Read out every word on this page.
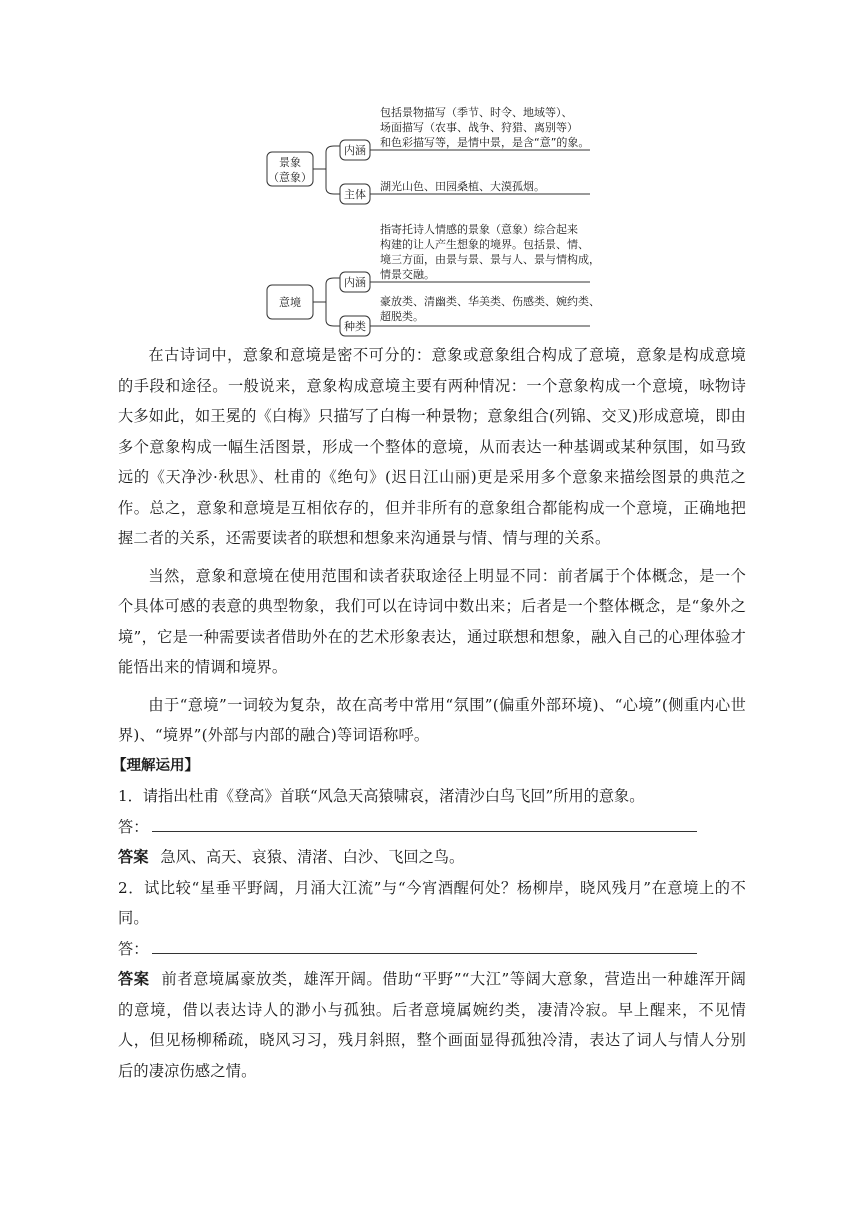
景象
（意象）
内涵
主体
包括景物描写（季节、时令、地域等）、
场面描写（农事、战争、狩猎、离别等）
和色彩描写等，是情中景，是含“意”的象。
湖光山色、田园桑植、大漠孤烟。
意境
内涵
种类
指寄托诗人情感的景象（意象）综合起来
构建的让人产生想象的境界。包括景、情、
境三方面，由景与景、景与人、景与情构成，
情景交融。
豪放类、清幽类、华美类、伤感类、婉约类、
超脱类。

在古诗词中，意象和意境是密不可分的：意象或意象组合构成了意境，意象是构成意境的手段和途径。一般说来，意象构成意境主要有两种情况：一个意象构成一个意境，咏物诗大多如此，如王冕的《白梅》只描写了白梅一种景物；意象组合(列锦、交叉)形成意境，即由多个意象构成一幅生活图景，形成一个整体的意境，从而表达一种基调或某种氛围，如马致远的《天净沙·秋思》、杜甫的《绝句》(迟日江山丽)更是采用多个意象来描绘图景的典范之作。总之，意象和意境是互相依存的，但并非所有的意象组合都能构成一个意境，正确地把握二者的关系，还需要读者的联想和想象来沟通景与情、情与理的关系。

当然，意象和意境在使用范围和读者获取途径上明显不同：前者属于个体概念，是一个个具体可感的表意的典型物象，我们可以在诗词中数出来；后者是一个整体概念，是“象外之境”，它是一种需要读者借助外在的艺术形象表达，通过联想和想象，融入自己的心理体验才能悟出来的情调和境界。

由于“意境”一词较为复杂，故在高考中常用“氛围”(偏重外部环境)、“心境”(侧重内心世界)、“境界”(外部与内部的融合)等词语称呼。

【理解运用】

1．请指出杜甫《登高》首联“风急天高猿啸哀，渚清沙白鸟飞回”所用的意象。

答：

答案 急风、高天、哀猿、清渚、白沙、飞回之鸟。

2．试比较“星垂平野阔，月涌大江流”与“今宵酒醒何处？杨柳岸，晓风残月”在意境上的不同。

答：

答案 前者意境属豪放类，雄浑开阔。借助“平野”“大江”等阔大意象，营造出一种雄浑开阔的意境，借以表达诗人的渺小与孤独。后者意境属婉约类，凄清冷寂。早上醒来，不见情人，但见杨柳稀疏，晓风习习，残月斜照，整个画面显得孤独冷清，表达了词人与情人分别后的凄凉伤感之情。
